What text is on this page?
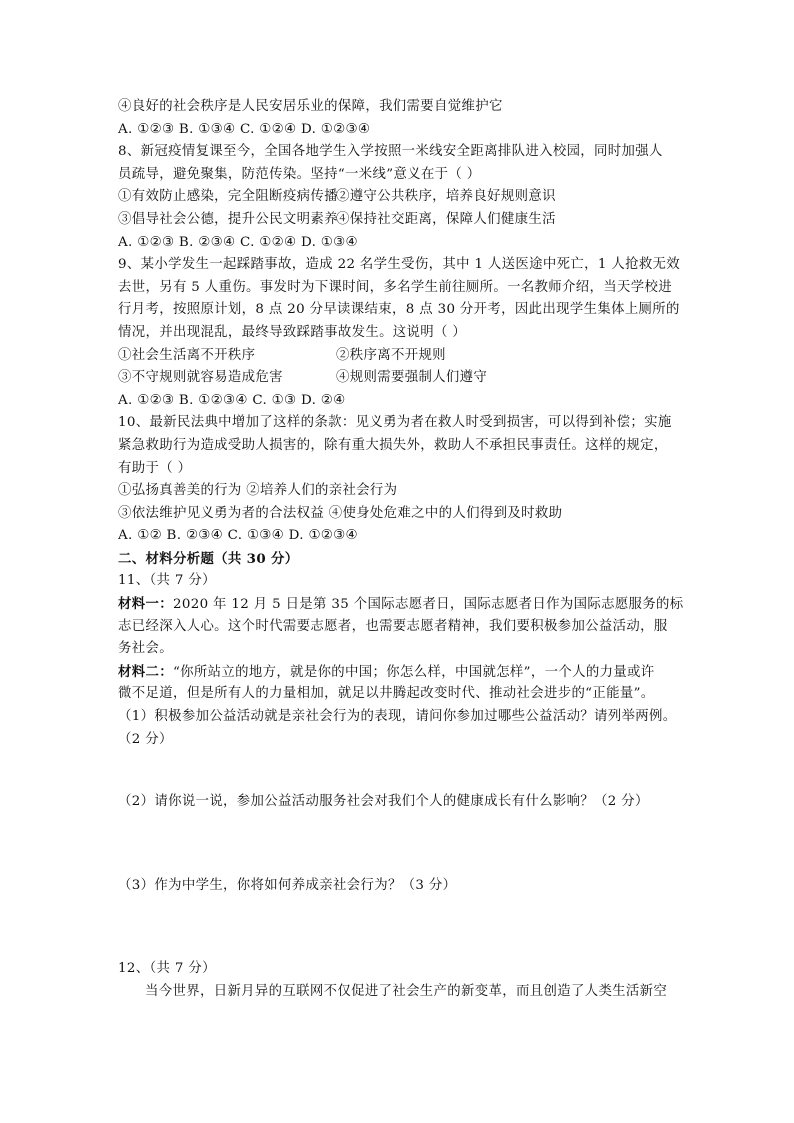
④良好的社会秩序是人民安居乐业的保障，我们需要自觉维护它
A. ①②③ B. ①③④ C. ①②④ D. ①②③④
8、新冠疫情复课至今，全国各地学生入学按照一米线安全距离排队进入校园，同时加强人
员疏导，避免聚集，防范传染。坚持“一米线”意义在于（ ）
①有效防止感染，完全阻断疫病传播
②遵守公共秩序，培养良好规则意识
③倡导社会公德，提升公民文明素养
④保持社交距离，保障人们健康生活
A. ①②③ B. ②③④ C. ①②④ D. ①③④
9、某小学发生一起踩踏事故，造成 22 名学生受伤，其中 1 人送医途中死亡，1 人抢救无效
去世，另有 5 人重伤。事发时为下课时间，多名学生前往厕所。一名教师介绍，当天学校进
行月考，按照原计划，8 点 20 分早读课结束，8 点 30 分开考，因此出现学生集体上厕所的
情况，并出现混乱，最终导致踩踏事故发生。这说明（ ）
①社会生活离不开秩序	②秩序离不开规则
③不守规则就容易造成危害	④规则需要强制人们遵守
A. ①②③ B. ①②③④ C. ①③ D. ②④
10、最新民法典中增加了这样的条款：见义勇为者在救人时受到损害，可以得到补偿；实施
紧急救助行为造成受助人损害的，除有重大损失外，救助人不承担民事责任。这样的规定，
有助于（ ）
①弘扬真善美的行为 ②培养人们的亲社会行为
③依法维护见义勇为者的合法权益 ④使身处危难之中的人们得到及时救助
A. ①② B. ②③④ C. ①③④ D. ①②③④
二、材料分析题（共 30 分）
11、（共 7 分）
材料一：2020 年 12 月 5 日是第 35 个国际志愿者日，国际志愿者日作为国际志愿服务的标
志已经深入人心。这个时代需要志愿者，也需要志愿者精神，我们要积极参加公益活动，服
务社会。
材料二：“你所站立的地方，就是你的中国；你怎么样，中国就怎样”，一个人的力量或许
微不足道，但是所有人的力量相加，就足以井腾起改变时代、推动社会进步的“正能量”。
（1）积极参加公益活动就是亲社会行为的表现，请问你参加过哪些公益活动？请列举两例。
（2 分）
（2）请你说一说，参加公益活动服务社会对我们个人的健康成长有什么影响？（2 分）
（3）作为中学生，你将如何养成亲社会行为？（3 分）
12、（共 7 分）
当今世界，日新月异的互联网不仅促进了社会生产的新变革，而且创造了人类生活新空
